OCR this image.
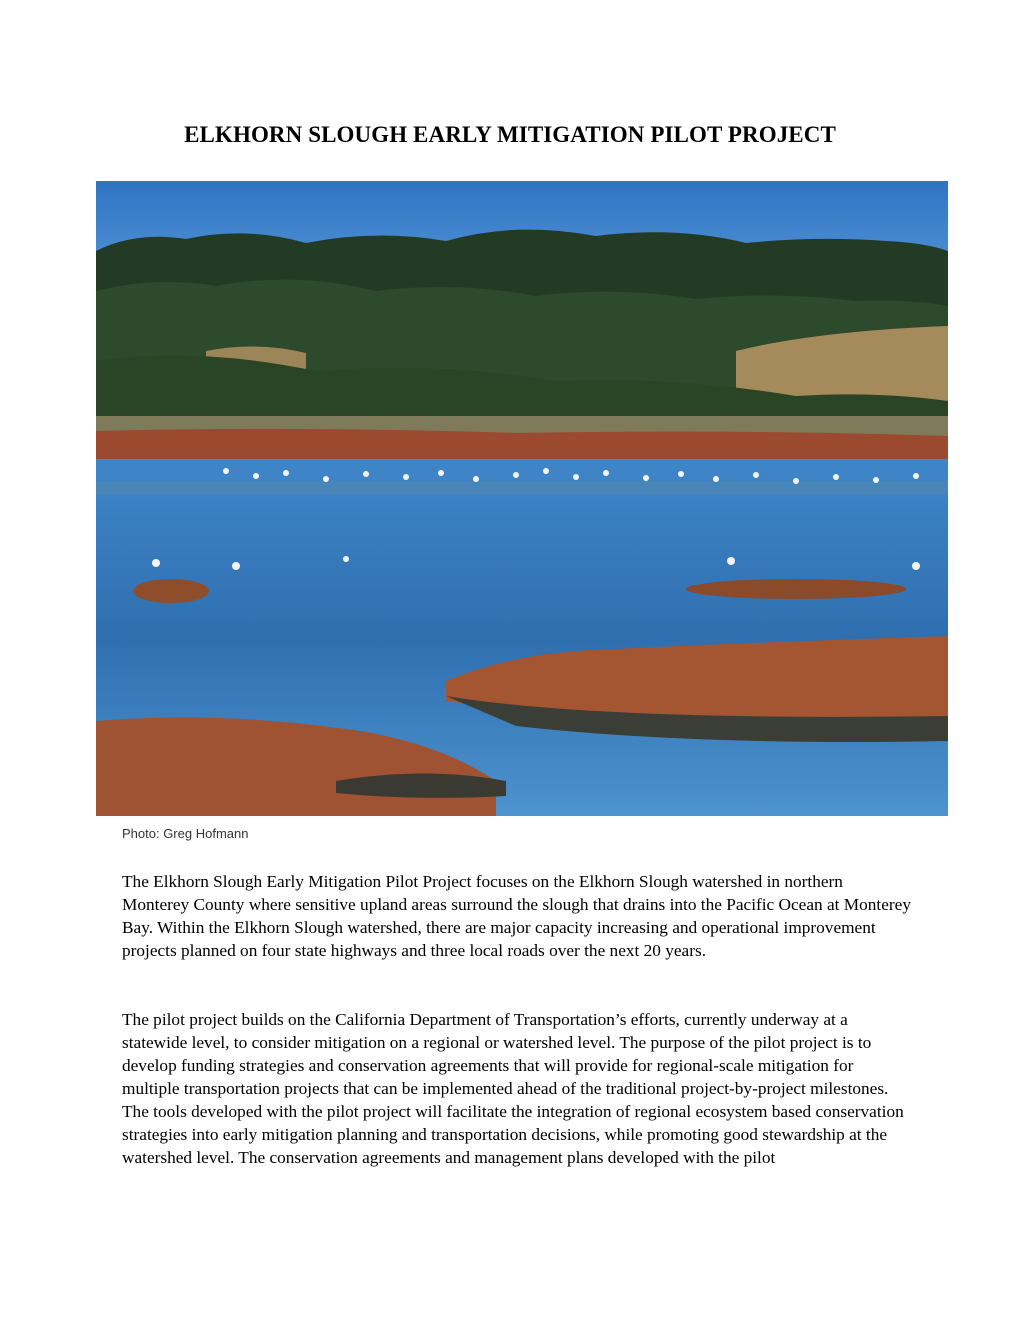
ELKHORN SLOUGH EARLY MITIGATION PILOT PROJECT

Photo: Greg Hofmann

The Elkhorn Slough Early Mitigation Pilot Project focuses on the Elkhorn Slough watershed in northern Monterey County where sensitive upland areas surround the slough that drains into the Pacific Ocean at Monterey Bay. Within the Elkhorn Slough watershed, there are major capacity increasing and operational improvement projects planned on four state highways and three local roads over the next 20 years.

The pilot project builds on the California Department of Transportation’s efforts, currently underway at a statewide level, to consider mitigation on a regional or watershed level. The purpose of the pilot project is to develop funding strategies and conservation agreements that will provide for regional-scale mitigation for multiple transportation projects that can be implemented ahead of the traditional project-by-project milestones. The tools developed with the pilot project will facilitate the integration of regional ecosystem based conservation strategies into early mitigation planning and transportation decisions, while promoting good stewardship at the watershed level. The conservation agreements and management plans developed with the pilot
